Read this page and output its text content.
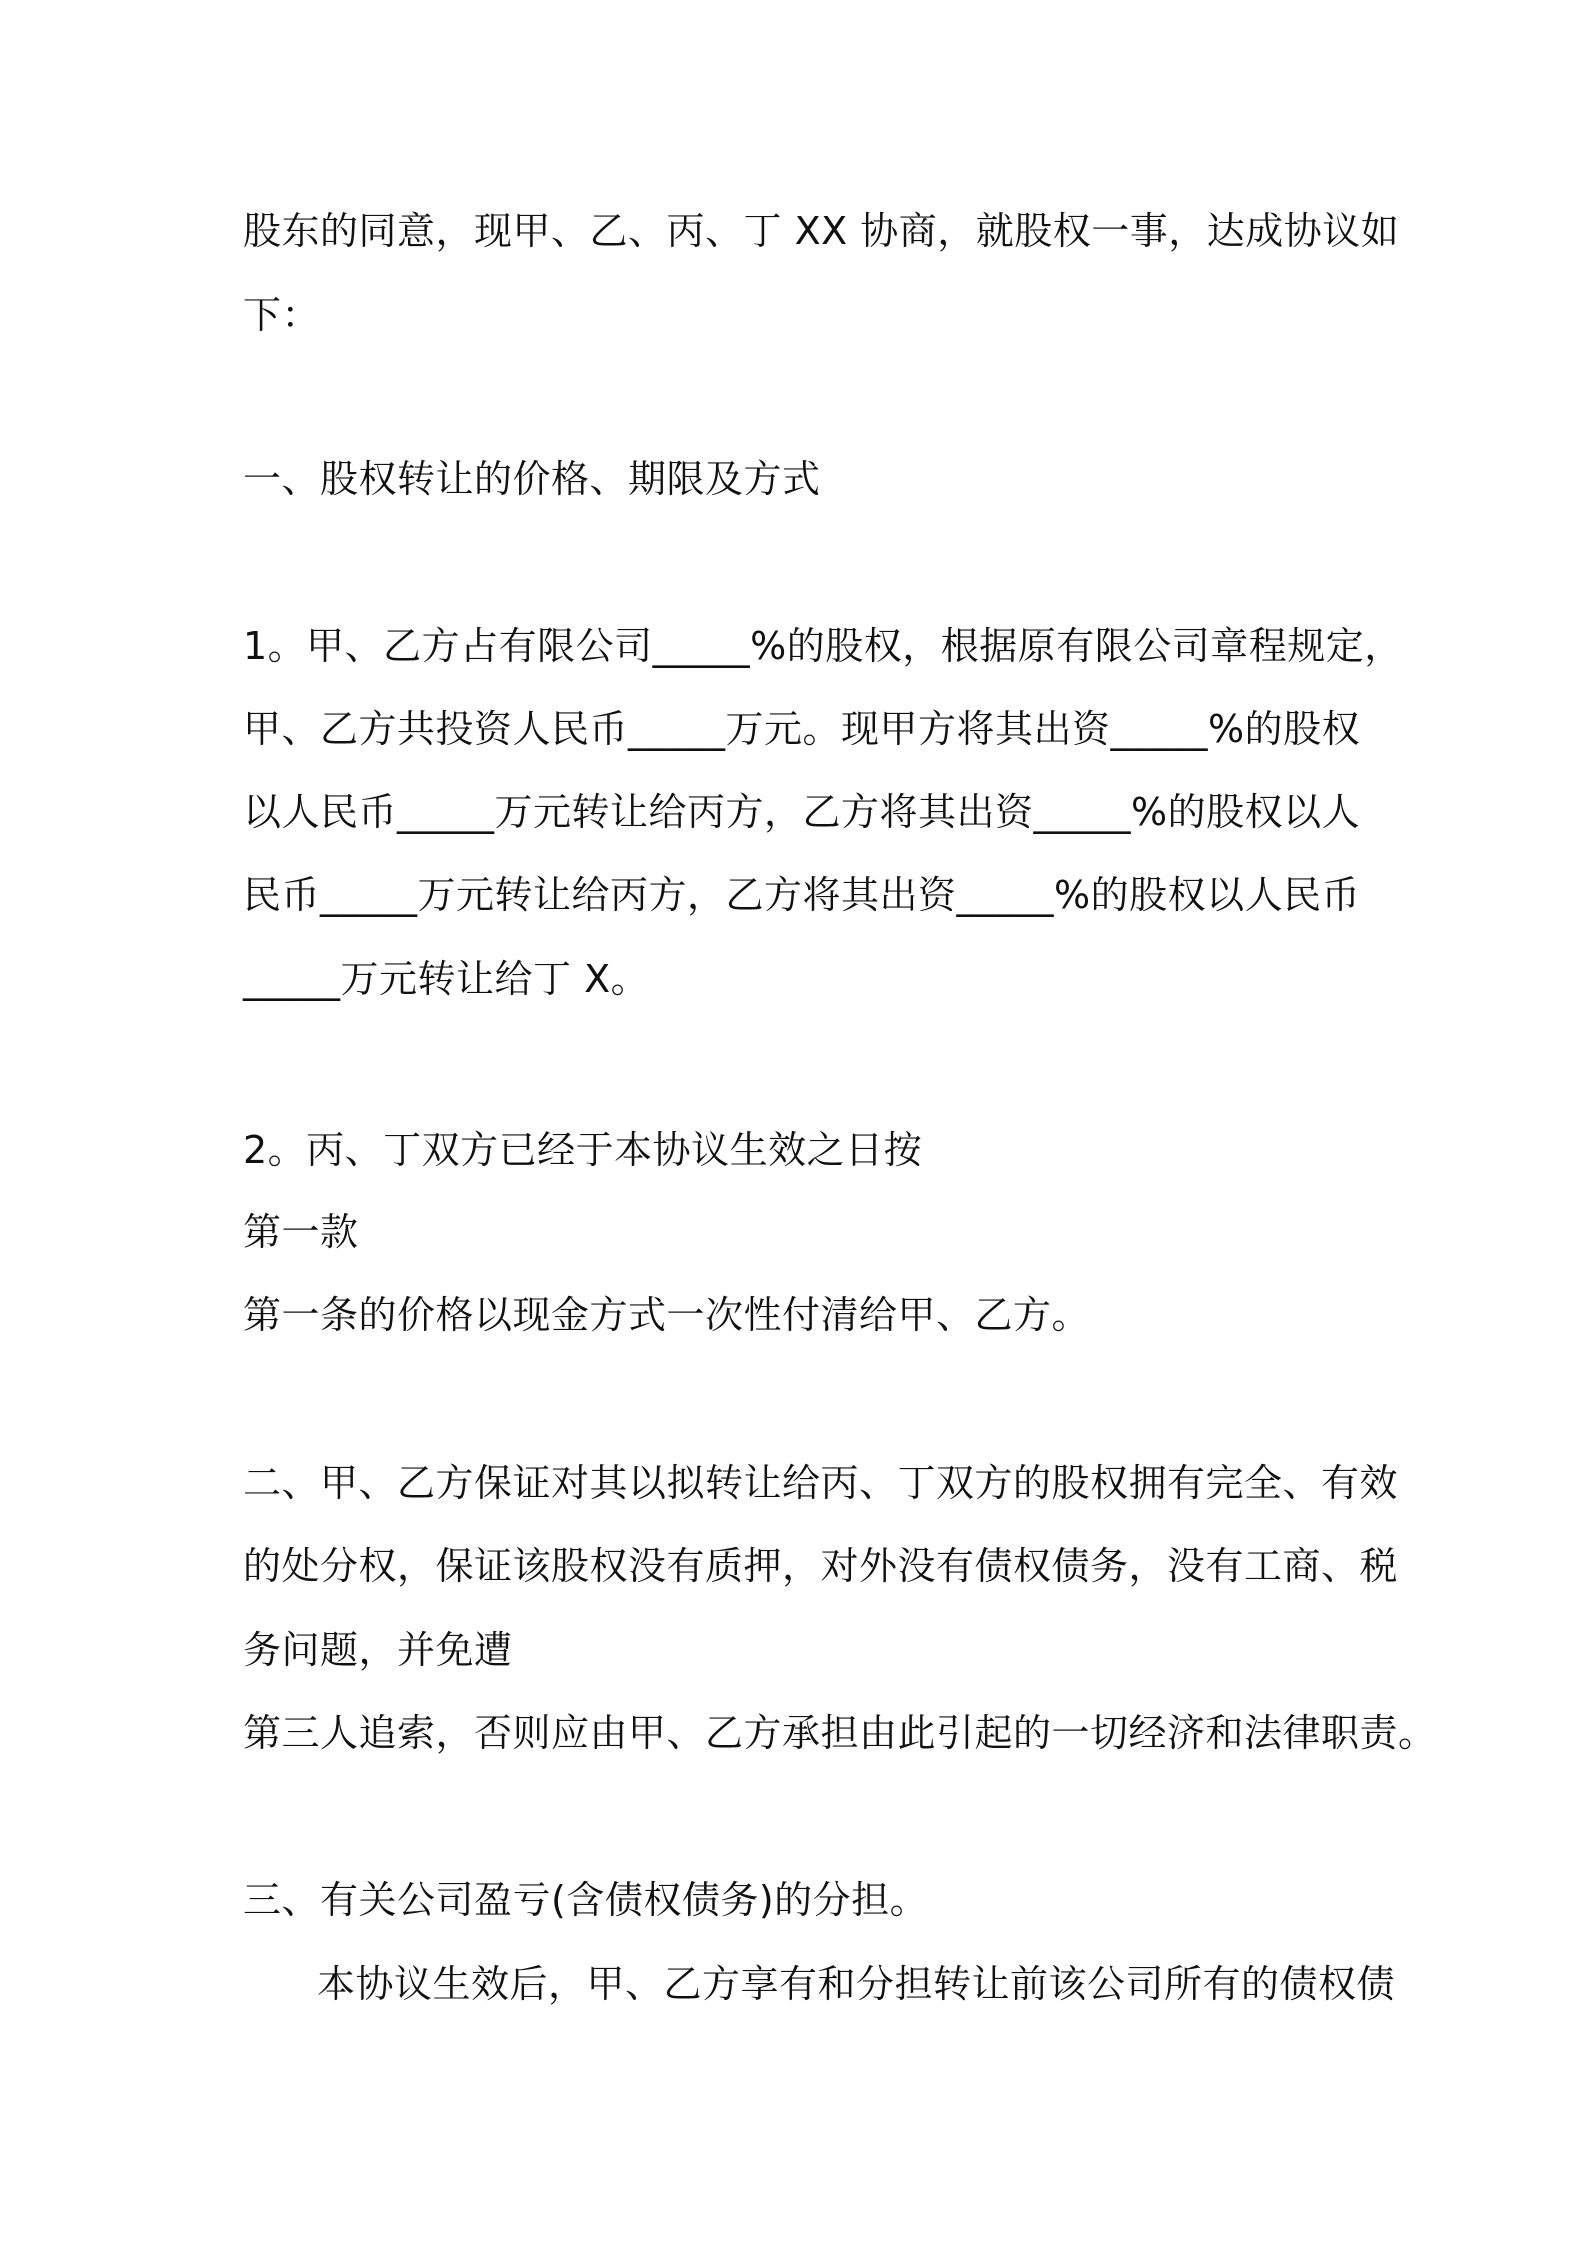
股东的同意，现甲、乙、丙、丁 XX 协商，就股权一事，达成协议如
下：
一、股权转让的价格、期限及方式
1。甲、乙方占有限公司_____%的股权，根据原有限公司章程规定，
甲、乙方共投资人民币_____万元。现甲方将其出资_____%的股权
以人民币_____万元转让给丙方，乙方将其出资_____%的股权以人
民币_____万元转让给丙方，乙方将其出资_____%的股权以人民币
_____万元转让给丁 X。
2。丙、丁双方已经于本协议生效之日按
第一款
第一条的价格以现金方式一次性付清给甲、乙方。
二、甲、乙方保证对其以拟转让给丙、丁双方的股权拥有完全、有效
的处分权，保证该股权没有质押，对外没有债权债务，没有工商、税
务问题，并免遭
第三人追索，否则应由甲、乙方承担由此引起的一切经济和法律职责。
三、有关公司盈亏(含债权债务)的分担。
本协议生效后，甲、乙方享有和分担转让前该公司所有的债权债
